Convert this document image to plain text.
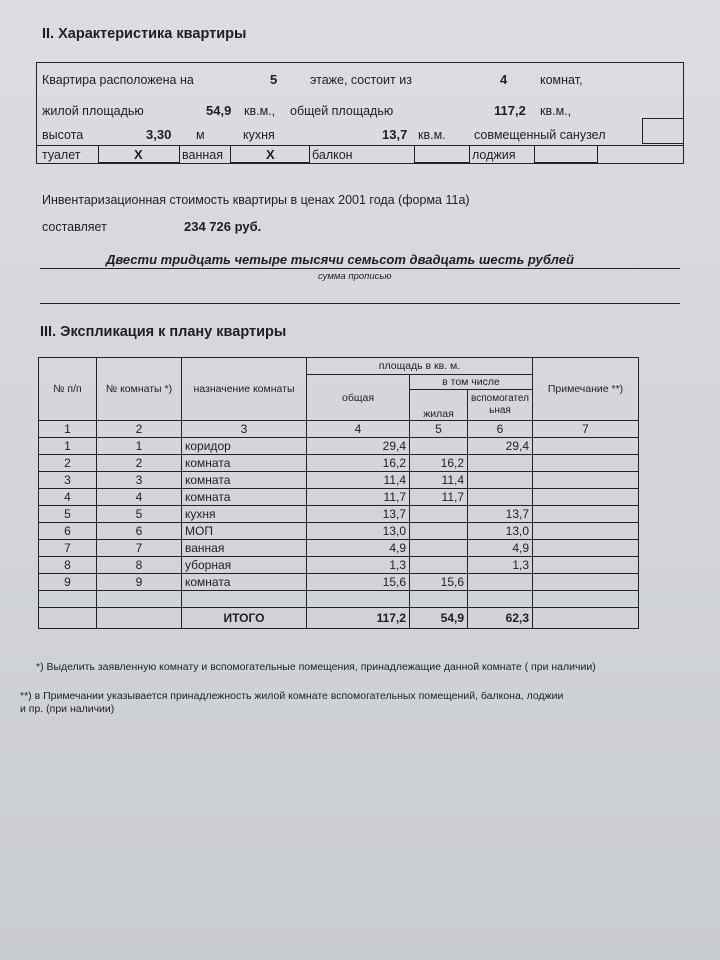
II. Характеристика квартиры
Квартира расположена на	5	этаже, состоит из	4	комнат,
жилой площадью	54,9 кв.м., общей площадью	117,2 кв.м.,
высота	3,30 м	кухня	13,7 кв.м. совмещенный санузел
туалет	Х	ванная	Х	балкон	лоджия
Инвентаризационная стоимость квартиры в ценах 2001 года (форма 11а)
составляет	234 726 руб.
Двести тридцать четыре тысячи семьсот двадцать шесть рублей
сумма прописью
III. Экспликация к плану квартиры
№ п/п	№ комнаты *)	назначение комнаты	площадь в кв. м.			Примечание **)
			общая	в том числе		
				жилая	вспомогательная	
1	2	3	4	5	6	7
1	1	коридор	29,4		29,4	
2	2	комната	16,2	16,2		
3	3	комната	11,4	11,4		
4	4	комната	11,7	11,7		
5	5	кухня	13,7		13,7	
6	6	МОП	13,0		13,0	
7	7	ванная	4,9		4,9	
8	8	уборная	1,3		1,3	
9	9	комната	15,6	15,6		

		ИТОГО	117,2	54,9	62,3	
*) Выделить заявленную комнату и вспомогательные помещения, принадлежащие данной комнате ( при наличии)
**) в Примечании указывается принадлежность жилой комнате вспомогательных помещений, балкона, лоджии
и пр. (при наличии)
